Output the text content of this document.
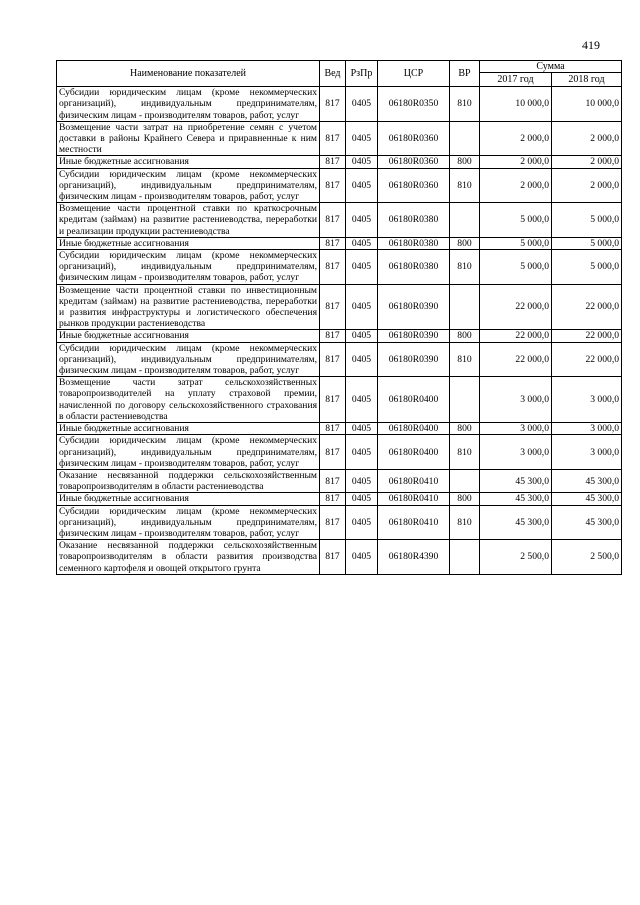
419
Наименование показателей	Вед	РзПр	ЦСР	ВР	Сумма	
					2017 год	2018 год
Субсидии юридическим лицам (кроме некоммерческих организаций), индивидуальным предпринимателям, физическим лицам - производителям товаров, работ, услуг	817	0405	06180R0350	810	10 000,0	10 000,0
Возмещение части затрат на приобретение семян с учетом доставки в районы Крайнего Севера и приравненные к ним местности	817	0405	06180R0360		2 000,0	2 000,0
Иные бюджетные ассигнования	817	0405	06180R0360	800	2 000,0	2 000,0
Субсидии юридическим лицам (кроме некоммерческих организаций), индивидуальным предпринимателям, физическим лицам - производителям товаров, работ, услуг	817	0405	06180R0360	810	2 000,0	2 000,0
Возмещение части процентной ставки по краткосрочным кредитам (займам) на развитие растениеводства, переработки и реализации продукции растениеводства	817	0405	06180R0380		5 000,0	5 000,0
Иные бюджетные ассигнования	817	0405	06180R0380	800	5 000,0	5 000,0
Субсидии юридическим лицам (кроме некоммерческих организаций), индивидуальным предпринимателям, физическим лицам - производителям товаров, работ, услуг	817	0405	06180R0380	810	5 000,0	5 000,0
Возмещение части процентной ставки по инвестиционным кредитам (займам) на развитие растениеводства, переработки и развития инфраструктуры и логистического обеспечения рынков продукции растениеводства	817	0405	06180R0390		22 000,0	22 000,0
Иные бюджетные ассигнования	817	0405	06180R0390	800	22 000,0	22 000,0
Субсидии юридическим лицам (кроме некоммерческих организаций), индивидуальным предпринимателям, физическим лицам - производителям товаров, работ, услуг	817	0405	06180R0390	810	22 000,0	22 000,0
Возмещение части затрат сельскохозяйственных товаропроизводителей на уплату страховой премии, начисленной по договору сельскохозяйственного страхования в области растениеводства	817	0405	06180R0400		3 000,0	3 000,0
Иные бюджетные ассигнования	817	0405	06180R0400	800	3 000,0	3 000,0
Субсидии юридическим лицам (кроме некоммерческих организаций), индивидуальным предпринимателям, физическим лицам - производителям товаров, работ, услуг	817	0405	06180R0400	810	3 000,0	3 000,0
Оказание несвязанной поддержки сельскохозяйственным товаропроизводителям в области растениеводства	817	0405	06180R0410		45 300,0	45 300,0
Иные бюджетные ассигнования	817	0405	06180R0410	800	45 300,0	45 300,0
Субсидии юридическим лицам (кроме некоммерческих организаций), индивидуальным предпринимателям, физическим лицам - производителям товаров, работ, услуг	817	0405	06180R0410	810	45 300,0	45 300,0
Оказание несвязанной поддержки сельскохозяйственным товаропроизводителям в области развития производства семенного картофеля и овощей открытого грунта	817	0405	06180R4390		2 500,0	2 500,0
